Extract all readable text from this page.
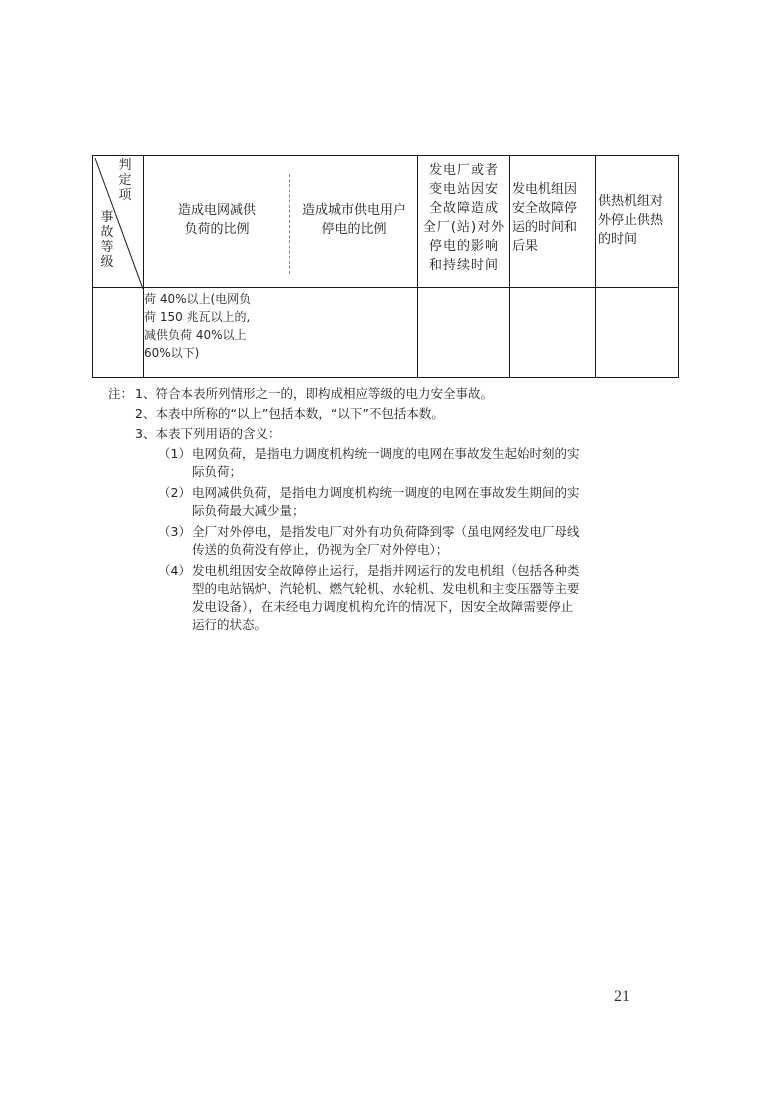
判
定
项
事
故
等
级
造成电网减供
负荷的比例
造成城市供电用户
停电的比例
发电厂或者
变电站因安
全故障造成
全厂(站)对外
停电的影响
和持续时间
发电机组因
安全故障停
运的时间和
后果
供热机组对
外停止供热
的时间
荷 40%以上(电网负
荷 150 兆瓦以上的,
减供负荷 40%以上
60%以下)
注： 1、符合本表所列情形之一的，即构成相应等级的电力安全事故。
2、本表中所称的“以上”包括本数，“以下”不包括本数。
3、本表下列用语的含义：
（1） 电网负荷，是指电力调度机构统一调度的电网在事故发生起始时刻的实
际负荷；
（2） 电网减供负荷，是指电力调度机构统一调度的电网在事故发生期间的实
际负荷最大减少量；
（3） 全厂对外停电，是指发电厂对外有功负荷降到零（虽电网经发电厂母线
传送的负荷没有停止，仍视为全厂对外停电）；
（4） 发电机组因安全故障停止运行，是指并网运行的发电机组（包括各种类
型的电站锅炉、汽轮机、燃气轮机、水轮机、发电机和主变压器等主要
发电设备），在未经电力调度机构允许的情况下，因安全故障需要停止
运行的状态。
21
